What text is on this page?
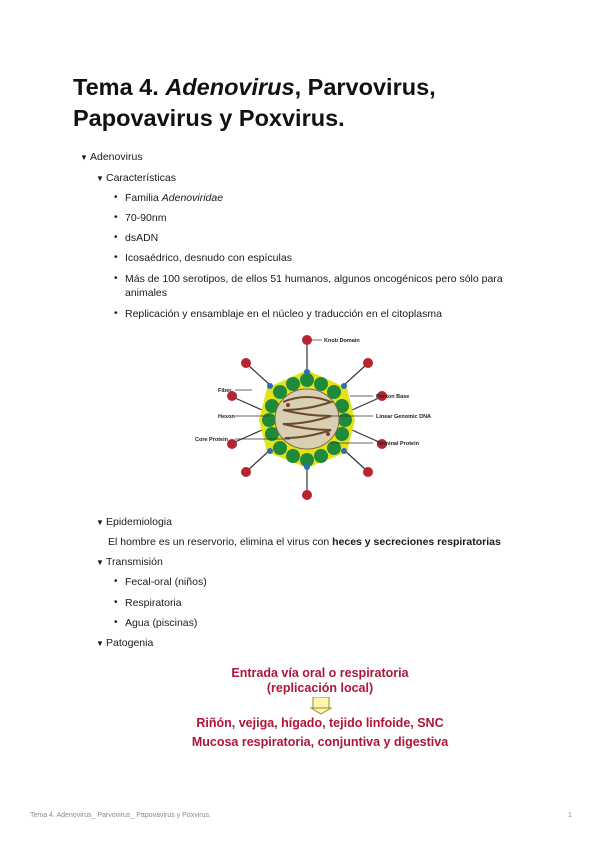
Tema 4. Adenovirus, Parvovirus,
Papovavirus y Poxvirus.
▼ Adenovirus
▼ Características
• Familia Adenoviridae
• 70-90nm
• dsADN
• Icosaédrico, desnudo con espículas
• Más de 100 serotipos, de ellos 51 humanos, algunos oncogénicos pero sólo para
animales
• Replicación y ensamblaje en el núcleo y traducción en el citoplasma
Knob Domain
Fiber
Penton Base
Hexon	Linear Genomic DNA
Core Protein
Terminal Protein
▼ Epidemiologia
El hombre es un reservorio, elimina el virus con heces y secreciones respiratorias
▼ Transmisión
• Fecal-oral (niños)
• Respiratoria
• Agua (piscinas)
▼ Patogenia
Entrada vía oral o respiratoria
(replicación local)
Riñón, vejiga, hígado, tejido linfoide, SNC
Mucosa respiratoria, conjuntiva y digestiva
Tema 4. Adenovirus_ Parvovirus_ Papovavirus y Poxvirus.	1
